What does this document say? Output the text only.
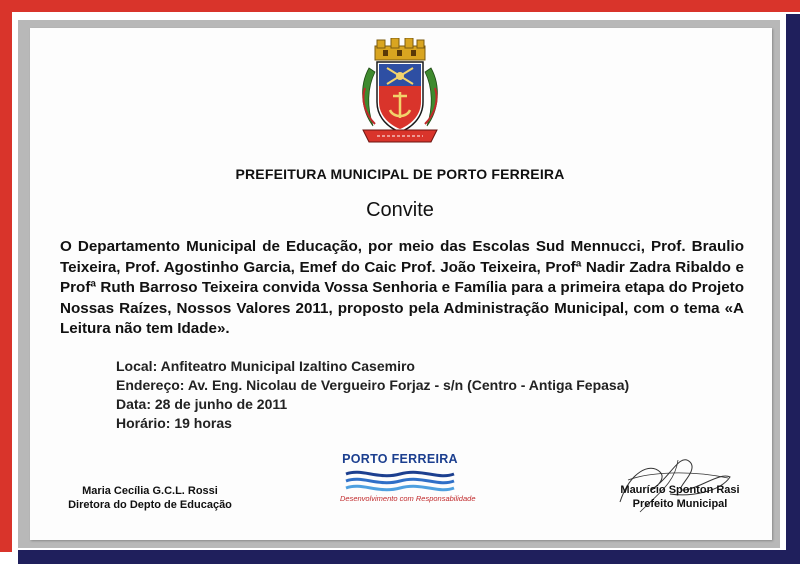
PREFEITURA MUNICIPAL DE PORTO FERREIRA
Convite
O Departamento Municipal de Educação, por meio das Escolas Sud Mennucci, Prof. Braulio Teixeira, Prof. Agostinho Garcia, Emef do Caic Prof. João Teixeira, Profª Nadir Zadra Ribaldo e Profª Ruth Barroso Teixeira convida Vossa Senhoria e Família para a primeira etapa do Projeto Nossas Raízes, Nossos Valores 2011, proposto pela Administração Municipal, com o tema «A Leitura não tem Idade».
Local: Anfiteatro Municipal Izaltino Casemiro
Endereço: Av. Eng. Nicolau de Vergueiro Forjaz - s/n (Centro - Antiga Fepasa)
Data: 28 de junho de 2011
Horário: 19 horas
PORTO FERREIRA
Desenvolvimento com Responsabilidade
Maria Cecília G.C.L. Rossi
Diretora do Depto de Educação
Maurício Sponton Rasi
Prefeito Municipal
